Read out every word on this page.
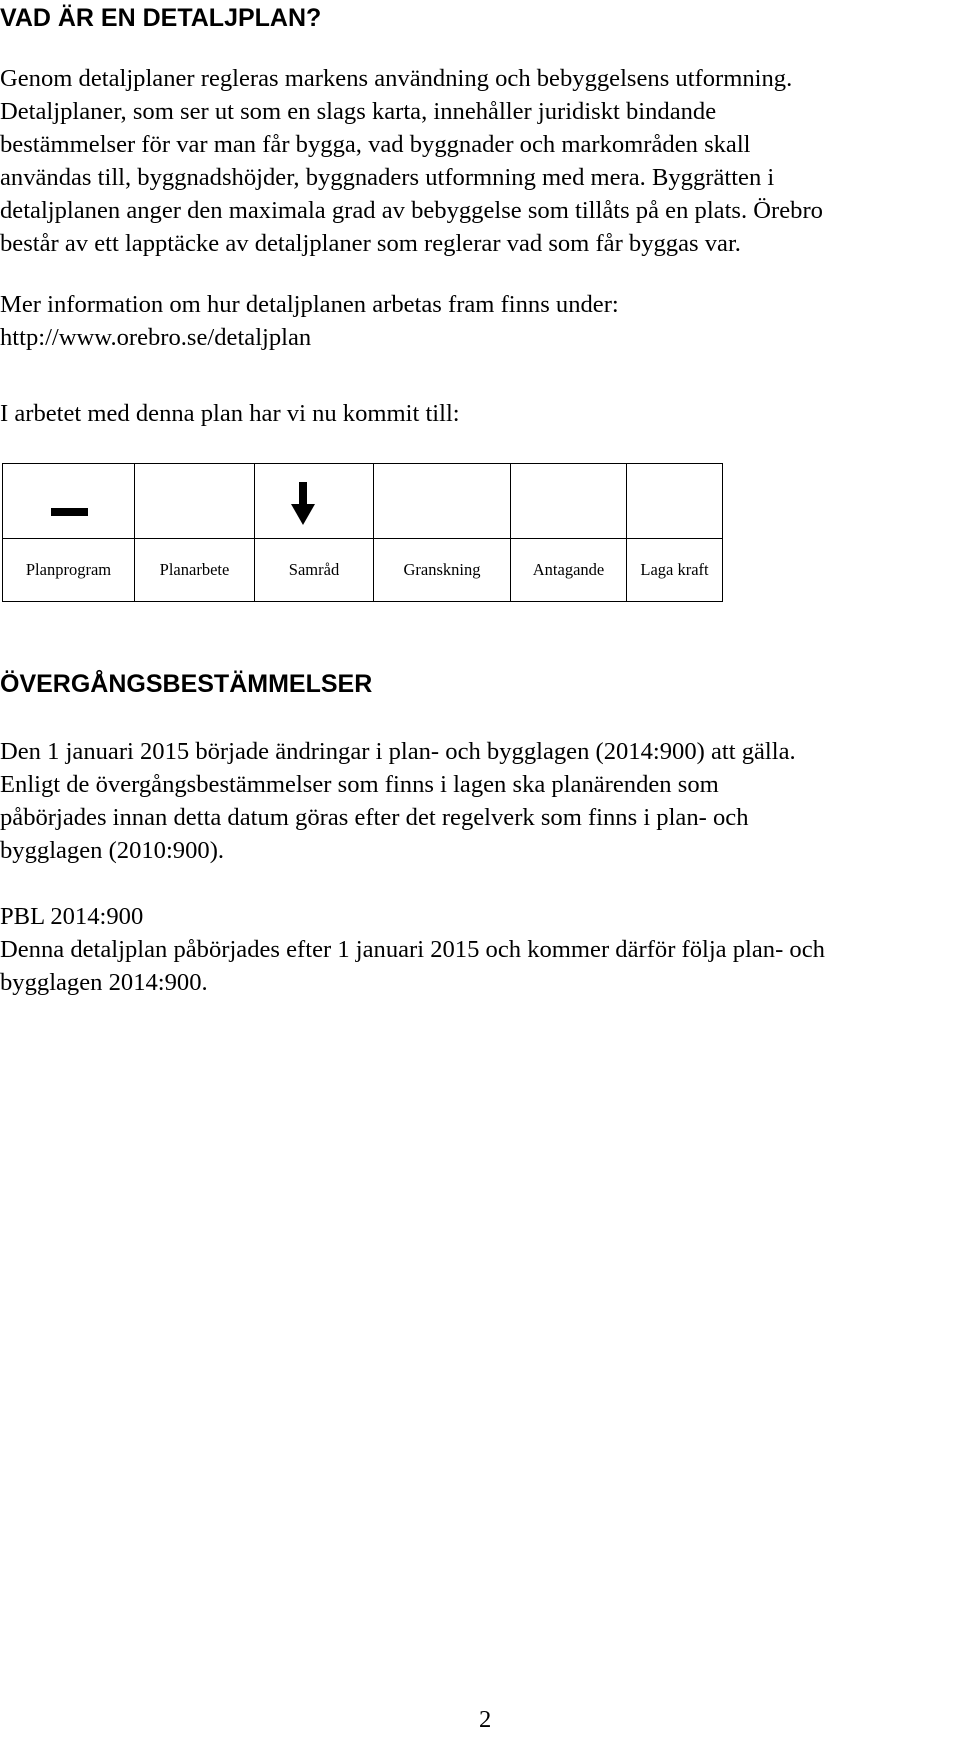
VAD ÄR EN DETALJPLAN?

Genom detaljplaner regleras markens användning och bebyggelsens utformning.
Detaljplaner, som ser ut som en slags karta, innehåller juridiskt bindande
bestämmelser för var man får bygga, vad byggnader och markområden skall
användas till, byggnadshöjder, byggnaders utformning med mera. Byggrätten i
detaljplanen anger den maximala grad av bebyggelse som tillåts på en plats. Örebro
består av ett lapptäcke av detaljplaner som reglerar vad som får byggas var.

Mer information om hur detaljplanen arbetas fram finns under:
http://www.orebro.se/detaljplan

I arbetet med denna plan har vi nu kommit till:

Planprogram	Planarbete	Samråd	Granskning	Antagande	Laga kraft
ÖVERGÅNGSBESTÄMMELSER

Den 1 januari 2015 började ändringar i plan- och bygglagen (2014:900) att gälla.
Enligt de övergångsbestämmelser som finns i lagen ska planärenden som
påbörjades innan detta datum göras efter det regelverk som finns i plan- och
bygglagen (2010:900).

PBL 2014:900
Denna detaljplan påbörjades efter 1 januari 2015 och kommer därför följa plan- och
bygglagen 2014:900.

2
